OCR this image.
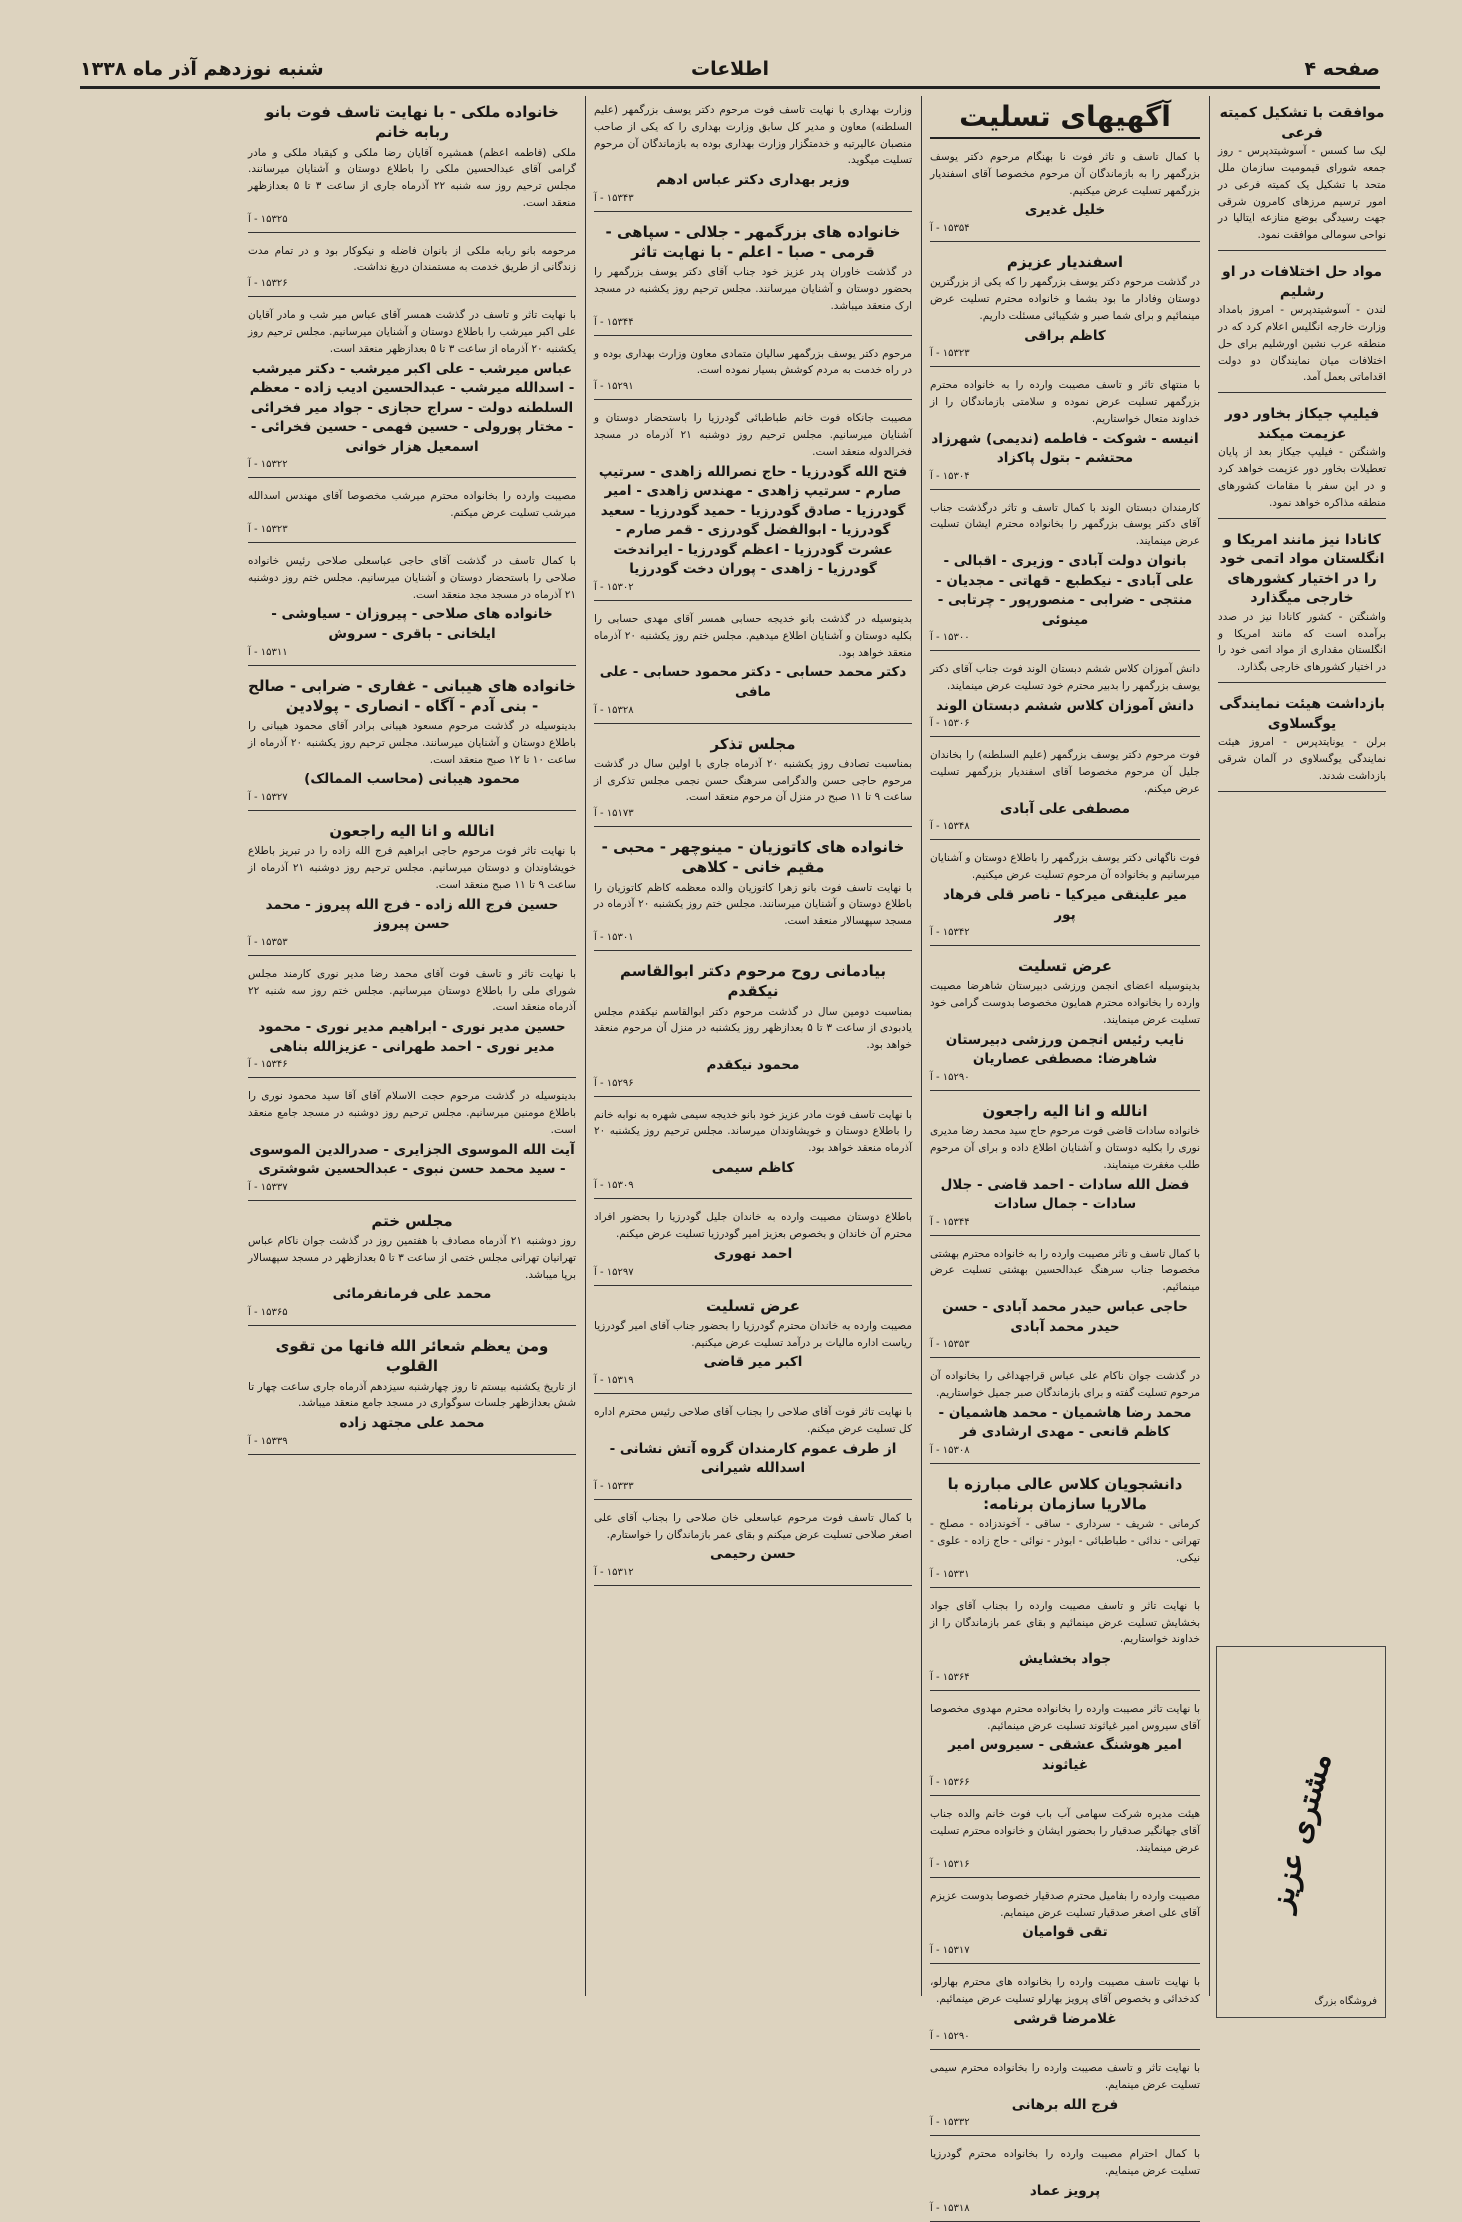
صفحه ۴
اطلاعات
شنبه نوزدهم آذر ماه ۱۳۳۸
موافقت با تشکیل کمیته فرعی
لیک سا کسس - آسوشیتدپرس - روز جمعه شورای قیمومیت سازمان ملل متحد با تشکیل یک کمیته فرعی در امور ترسیم مرزهای کامرون شرقی جهت رسیدگی بوضع منازعه ایتالیا در نواحی سومالی موافقت نمود.
مواد حل اختلافات در او رشلیم
لندن - آسوشیتدپرس - امروز بامداد وزارت خارجه انگلیس اعلام کرد که در منطقه عرب نشین اورشلیم برای حل اختلافات میان نمایندگان دو دولت اقداماتی بعمل آمد.
فیلیپ جیکاز بخاور دور عزیمت میکند
واشنگتن - فیلیپ جیکاز بعد از پایان تعطیلات بخاور دور عزیمت خواهد کرد و در این سفر با مقامات کشورهای منطقه مذاکره خواهد نمود.
کانادا نیز مانند امریکا و انگلستان مواد اتمی خود را در اختیار کشورهای خارجی میگذارد
واشنگتن - کشور کانادا نیز در صدد برآمده است که مانند امریکا و انگلستان مقداری از مواد اتمی خود را در اختیار کشورهای خارجی بگذارد.
بازداشت هیئت نمایندگی یوگسلاوی
برلن - یونایتدپرس - امروز هیئت نمایندگی یوگسلاوی در آلمان شرقی بازداشت شدند.
آگهیهای تسلیت
با کمال تاسف و تاثر فوت نا بهنگام مرحوم دکتر یوسف بزرگمهر را به بازماندگان آن مرحوم مخصوصا آقای اسفندیار بزرگمهر تسلیت عرض میکنیم.
خلیل غدیری
۱۵۳۵۴ - آ
اسفندیار عزیزم
در گذشت مرحوم دکتر یوسف بزرگمهر را که یکی از بزرگترین دوستان وفادار ما بود بشما و خانواده محترم تسلیت عرض مینمائیم و برای شما صبر و شکیبائی مسئلت داریم.
کاظم براقی
۱۵۳۲۳ - آ
با منتهای تاثر و تاسف مصیبت وارده را به خانواده محترم بزرگمهر تسلیت عرض نموده و سلامتی بازماندگان را از خداوند متعال خواستاریم.
انیسه - شوکت - فاطمه (ندیمی) شهرزاد محتشم - بتول پاکزاد
۱۵۳۰۴ - آ
کارمندان دبستان الوند با کمال تاسف و تاثر درگذشت جناب آقای دکتر یوسف بزرگمهر را بخانواده محترم ایشان تسلیت عرض مینمایند.
بانوان دولت آبادی - وزیری - اقبالی - علی آبادی - نیکطبع - قهاتی - مجدیان - منتجی - ضرابی - منصورپور - چرتابی - مینوئی
۱۵۳۰۰ - آ
دانش آموزان کلاس ششم دبستان الوند فوت جناب آقای دکتر یوسف بزرگمهر را بدبیر محترم خود تسلیت عرض مینمایند.
دانش آموزان کلاس ششم دبستان الوند
۱۵۳۰۶ - آ
فوت مرحوم دکتر یوسف بزرگمهر (علیم السلطنه) را بخاندان جلیل آن مرحوم مخصوصا آقای اسفندیار بزرگمهر تسلیت عرض میکنم.
مصطفی علی آبادی
۱۵۳۴۸ - آ
فوت ناگهانی دکتر یوسف بزرگمهر را باطلاع دوستان و آشنایان میرسانیم و بخانواده آن مرحوم تسلیت عرض میکنیم.
میر علینقی میرکیا - ناصر قلی فرهاد پور
۱۵۳۴۲ - آ
عرض تسلیت
بدینوسیله اعضای انجمن ورزشی دبیرستان شاهرضا مصیبت وارده را بخانواده محترم همایون مخصوصا بدوست گرامی خود تسلیت عرض مینمایند.
نایب رئیس انجمن ورزشی دبیرستان شاهرضا: مصطفی عصاریان
۱۵۲۹۰ - آ
انالله و انا الیه راجعون
خانواده سادات قاضی فوت مرحوم حاج سید محمد رضا مدیری نوری را بکلیه دوستان و آشنایان اطلاع داده و برای آن مرحوم طلب مغفرت مینمایند.
فضل الله سادات - احمد قاضی - جلال سادات - جمال سادات
۱۵۳۴۴ - آ
با کمال تاسف و تاثر مصیبت وارده را به خانواده محترم بهشتی مخصوصا جناب سرهنگ عبدالحسین بهشتی تسلیت عرض مینمائیم.
حاجی عباس حیدر محمد آبادی - حسن حیدر محمد آبادی
۱۵۳۵۳ - آ
در گذشت جوان ناکام علی عباس قراجهداغی را بخانواده آن مرحوم تسلیت گفته و برای بازماندگان صبر جمیل خواستاریم.
محمد رضا هاشمیان - محمد هاشمیان - کاظم قانعی - مهدی ارشادی فر
۱۵۳۰۸ - آ
دانشجویان کلاس عالی مبارزه با مالاریا سازمان برنامه:
کرمانی - شریف - سرداری - ساقی - آخوندزاده - مصلح - تهرانی - ندائی - طباطبائی - ابوذر - نوائی - حاج زاده - علوی - نیکی.
۱۵۳۳۱ - آ
با نهایت تاثر و تاسف مصیبت وارده را بجناب آقای جواد بخشایش تسلیت عرض مینمائیم و بقای عمر بازماندگان را از خداوند خواستاریم.
جواد بخشایش
۱۵۳۶۴ - آ
با نهایت تاثر مصیبت وارده را بخانواده محترم مهدوی مخصوصا آقای سیروس امیر غیاثوند تسلیت عرض مینمائیم.
امیر هوشنگ عشقی - سیروس امیر غیاثوند
۱۵۳۶۶ - آ
هیئت مدیره شرکت سهامی آب باب فوت خانم والده جناب آقای جهانگیر صدقیار را بحضور ایشان و خانواده محترم تسلیت عرض مینمایند.
۱۵۳۱۶ - آ
مصیبت وارده را بفامیل محترم صدقیار خصوصا بدوست عزیزم آقای علی اصغر صدقیار تسلیت عرض مینمایم.
تقی قوامیان
۱۵۳۱۷ - آ
با نهایت تاسف مصیبت وارده را بخانواده های محترم بهارلو، کدخدائی و بخصوص آقای پرویز بهارلو تسلیت عرض مینمائیم.
غلامرضا قرشی
۱۵۲۹۰ - آ
با نهایت تاثر و تاسف مصیبت وارده را بخانواده محترم سیمی تسلیت عرض مینمایم.
فرج الله برهانی
۱۵۳۳۲ - آ
با کمال احترام مصیبت وارده را بخانواده محترم گودرزیا تسلیت عرض مینمایم.
پرویز عماد
۱۵۳۱۸ - آ
وزارت بهداری با نهایت تاسف فوت مرحوم دکتر یوسف بزرگمهر (علیم السلطنه) معاون و مدیر کل سابق وزارت بهداری را که یکی از صاحب منصبان عالیرتبه و خدمتگزار وزارت بهداری بوده به بازماندگان آن مرحوم تسلیت میگوید.
وزیر بهداری دکتر عباس ادهم
۱۵۳۴۳ - آ
خانواده های بزرگمهر - جلالی - سپاهی - قرمی - صبا - اعلم - با نهایت تاثر
در گذشت خاوران پدر عزیز خود جناب آقای دکتر یوسف بزرگمهر را بحضور دوستان و آشنایان میرسانند. مجلس ترحیم روز یکشنبه در مسجد ارک منعقد میباشد.
۱۵۳۴۴ - آ
مرحوم دکتر یوسف بزرگمهر سالیان متمادی معاون وزارت بهداری بوده و در راه خدمت به مردم کوشش بسیار نموده است.
۱۵۲۹۱ - آ
مصیبت جانکاه فوت خانم طباطبائی گودرزیا را باستحضار دوستان و آشنایان میرسانیم. مجلس ترحیم روز دوشنبه ۲۱ آذرماه در مسجد فخرالدوله منعقد است.
فتح الله گودرزیا - حاج نصرالله زاهدی - سرتیپ صارم - سرتیپ زاهدی - مهندس زاهدی - امیر گودرزیا - صادق گودرزیا - حمید گودرزیا - سعید گودرزیا - ابوالفضل گودرزی - قمر صارم - عشرت گودرزیا - اعظم گودرزیا - ایراندخت گودرزیا - زاهدی - پوران دخت گودرزیا
۱۵۳۰۲ - آ
بدینوسیله در گذشت بانو خدیجه حسابی همسر آقای مهدی حسابی را بکلیه دوستان و آشنایان اطلاع میدهیم. مجلس ختم روز یکشنبه ۲۰ آذرماه منعقد خواهد بود.
دکتر محمد حسابی - دکتر محمود حسابی - علی مافی
۱۵۳۲۸ - آ
مجلس تذکر
بمناسبت تصادف روز یکشنبه ۲۰ آذرماه جاری با اولین سال در گذشت مرحوم حاجی حسن والدگرامی سرهنگ حسن نجمی مجلس تذکری از ساعت ۹ تا ۱۱ صبح در منزل آن مرحوم منعقد است.
۱۵۱۷۳ - آ
خانواده های کاتوزیان - مینوچهر - محبی - مقیم خانی - کلاهی
با نهایت تاسف فوت بانو زهرا کاتوزیان والده معظمه کاظم کاتوزیان را باطلاع دوستان و آشنایان میرسانند. مجلس ختم روز یکشنبه ۲۰ آذرماه در مسجد سپهسالار منعقد است.
۱۵۳۰۱ - آ
بیادمانی روح مرحوم دکتر ابوالقاسم نیکقدم
بمناسبت دومین سال در گذشت مرحوم دکتر ابوالقاسم نیکقدم مجلس یادبودی از ساعت ۳ تا ۵ بعدازظهر روز یکشنبه در منزل آن مرحوم منعقد خواهد بود.
محمود نیکقدم
۱۵۲۹۶ - آ
با نهایت تاسف فوت مادر عزیز خود بانو خدیجه سیمی شهره به نوابه خانم را باطلاع دوستان و خویشاوندان میرساند. مجلس ترحیم روز یکشنبه ۲۰ آذرماه منعقد خواهد بود.
کاظم سیمی
۱۵۳۰۹ - آ
باطلاع دوستان مصیبت وارده به خاندان جلیل گودرزیا را بحضور افراد محترم آن خاندان و بخصوص بعزیز امیر گودرزیا تسلیت عرض میکنم.
احمد نهوری
۱۵۲۹۷ - آ
عرض تسلیت
مصیبت وارده به خاندان محترم گودرزیا را بحضور جناب آقای امیر گودرزیا ریاست اداره مالیات بر درآمد تسلیت عرض میکنیم.
اکبر میر قاضی
۱۵۳۱۹ - آ
با نهایت تاثر فوت آقای صلاحی را بجناب آقای صلاحی رئیس محترم اداره کل تسلیت عرض میکنم.
از طرف عموم کارمندان گروه آتش نشانی - اسدالله شیرانی
۱۵۳۳۳ - آ
با کمال تاسف فوت مرحوم عباسعلی خان صلاحی را بجناب آقای علی اصغر صلاحی تسلیت عرض میکنم و بقای عمر بازماندگان را خواستارم.
حسن رحیمی
۱۵۳۱۲ - آ
خانواده ملکی - با نهایت تاسف فوت بانو ربابه خانم
ملکی (فاطمه اعظم) همشیره آقایان رضا ملکی و کیقباد ملکی و مادر گرامی آقای عبدالحسین ملکی را باطلاع دوستان و آشنایان میرسانند. مجلس ترحیم روز سه شنبه ۲۲ آذرماه جاری از ساعت ۳ تا ۵ بعدازظهر منعقد است.
۱۵۳۲۵ - آ
مرحومه بانو ربابه ملکی از بانوان فاضله و نیکوکار بود و در تمام مدت زندگانی از طریق خدمت به مستمندان دریغ نداشت.
۱۵۳۲۶ - آ
با نهایت تاثر و تاسف در گذشت همسر آقای عباس میر شب و مادر آقایان علی اکبر میرشب را باطلاع دوستان و آشنایان میرسانیم. مجلس ترحیم روز یکشنبه ۲۰ آذرماه از ساعت ۳ تا ۵ بعدازظهر منعقد است.
عباس میرشب - علی اکبر میرشب - دکتر میرشب - اسدالله میرشب - عبدالحسین ادیب زاده - معظم السلطنه دولت - سراج حجازی - جواد میر فخرائی - مختار پورولی - حسین فهمی - حسین فخرائی - اسمعیل هزار خوانی
۱۵۳۲۲ - آ
مصیبت وارده را بخانواده محترم میرشب مخصوصا آقای مهندس اسدالله میرشب تسلیت عرض میکنم.
۱۵۳۲۳ - آ
با کمال تاسف در گذشت آقای حاجی عباسعلی صلاحی رئیس خانواده صلاحی را باستحضار دوستان و آشنایان میرسانیم. مجلس ختم روز دوشنبه ۲۱ آذرماه در مسجد مجد منعقد است.
خانواده های صلاحی - پیروزان - سیاوشی - ایلخانی - باقری - سروش
۱۵۳۱۱ - آ
خانواده های هیبانی - غفاری - ضرابی - صالح - بنی آدم - آگاه - انصاری - پولادین
بدینوسیله در گذشت مرحوم مسعود هیبانی برادر آقای محمود هیبانی را باطلاع دوستان و آشنایان میرسانند. مجلس ترحیم روز یکشنبه ۲۰ آذرماه از ساعت ۱۰ تا ۱۲ صبح منعقد است.
محمود هیبانی (محاسب الممالک)
۱۵۳۲۷ - آ
انالله و انا الیه راجعون
با نهایت تاثر فوت مرحوم حاجی ابراهیم فرج الله زاده را در تبریز باطلاع خویشاوندان و دوستان میرسانیم. مجلس ترحیم روز دوشنبه ۲۱ آذرماه از ساعت ۹ تا ۱۱ صبح منعقد است.
حسین فرج الله زاده - فرج الله پیروز - محمد حسن پیروز
۱۵۳۵۳ - آ
با نهایت تاثر و تاسف فوت آقای محمد رضا مدیر نوری کارمند مجلس شورای ملی را باطلاع دوستان میرسانیم. مجلس ختم روز سه شنبه ۲۲ آذرماه منعقد است.
حسین مدیر نوری - ابراهیم مدیر نوری - محمود مدیر نوری - احمد طهرانی - عزیزالله بناهی
۱۵۳۴۶ - آ
بدینوسیله در گذشت مرحوم حجت الاسلام آقای آقا سید محمود نوری را باطلاع مومنین میرسانیم. مجلس ترحیم روز دوشنبه در مسجد جامع منعقد است.
آیت الله الموسوی الجزایری - صدرالدین الموسوی - سید محمد حسن نبوی - عبدالحسین شوشتری
۱۵۳۳۷ - آ
مجلس ختم
روز دوشنبه ۲۱ آذرماه مصادف با هفتمین روز در گذشت جوان ناکام عباس تهرانیان تهرانی مجلس ختمی از ساعت ۳ تا ۵ بعدازظهر در مسجد سپهسالار برپا میباشد.
محمد علی فرمانفرمائی
۱۵۳۶۵ - آ
ومن یعظم شعائر الله فانها من تقوی القلوب
از تاریخ یکشنبه بیستم تا روز چهارشنبه سیزدهم آذرماه جاری ساعت چهار تا شش بعدازظهر جلسات سوگواری در مسجد جامع منعقد میباشد.
محمد علی مجتهد زاده
۱۵۳۳۹ - آ
مشتری عزیز
فروشگاه بزرگ
